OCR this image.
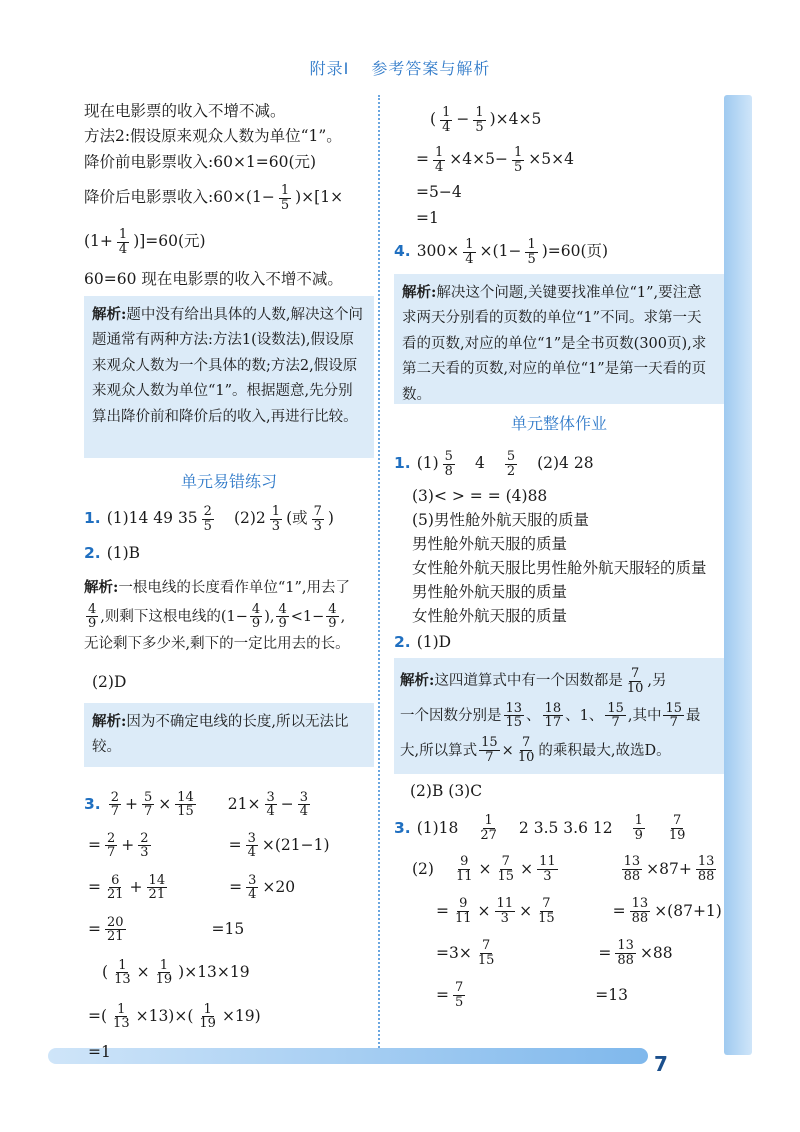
附录Ⅰ 参考答案与解析
7

现在电影票的收入不增不减。

方法2:假设原来观众人数为单位“1”。

降价前电影票收入:60×1=60(元)

降价后电影票收入:60×(1− $\frac{1}{5} )\times[1\times$

$(1+ \frac{1}{4} )]=60$(元)

60=60 现在电影票的收入不增不减。

解析:题中没有给出具体的人数,解决这个问题通常有两种方法:方法1(设数法),假设原来观众人数为一个具体的数;方法2,假设原来观众人数为单位“1”。根据题意,先分别算出降价前和降价后的收入,再进行比较。

单元易错练习

1. (1)14 49 $35 \frac{2}{5} (2)2 \frac{1}{3}$ (或 $\frac{7}{3}$ )

2. (1)B

解析:一根电线的长度看作单位“1”,用去了

$\frac{4}{9}$ ,则剩下这根电线的($1- \frac{4}{9}$ ), $\frac{4}{9} <1- \frac{4}{9}$ ,
无论剩下多少米,剩下的一定比用去的长。

(2)D

解析:因为不确定电线的长度,所以无法比较。
3. $\frac{2}{7} + \frac{5}{7} \times \frac{14}{15} 21\times \frac{3}{4} - \frac{3}{4}$
= $\frac{2}{7} + \frac{2}{3}$	= $\frac{3}{4} \times(21-1)$
= $\frac{6}{21} + \frac{14}{21}$	= $\frac{3}{4} \times 20$
= $\frac{20}{21}$	=15
( $\frac{1}{13} \times \frac{1}{19} )\times 13\times 19$
=( $\frac{1}{13} \times 13)\times( \frac{1}{19} \times 19)$
=1
( $\frac{1}{4} - \frac{1}{5} )\times 4\times 5$
= $\frac{1}{4} \times 4\times 5- \frac{1}{5} \times 5\times 4$
=5−4
=1
4. $300\times \frac{1}{4} \times(1- \frac{1}{5} )=60$(页)
解析:解决这个问题,关键要找准单位“1”,要注意求两天分别看的页数的单位“1”不同。求第一天看的页数,对应的单位“1”是全书页数(300页),求第二天看的页数,对应的单位“1”是第一天看的页数。

单元整体作业

1. $(1) \frac{5}{8} 4 \frac{5}{2} (2)4$ 28
(3)< > = = (4)88
(5)男性舱外航天服的质量
男性舱外航天服的质量
女性舱外航天服比男性舱外航天服轻的质量
男性舱外航天服的质量
女性舱外航天服的质量
2. (1)D
解析:这四道算式中有一个因数都是 $\frac{7}{10}$ ,另
一个因数分别是 $\frac{13}{15}$ 、 $\frac{18}{17}$ 、1、 $\frac{15}{7}$ ,其中 $\frac{15}{7}$ 最
大,所以算式 $\frac{15}{7} \times \frac{7}{10}$ 的乘积最大,故选D。
(2)B (3)C
3. $(1)18 \frac{1}{27} 2$ 3.5 3.6 $12 \frac{1}{9} \frac{7}{19}$
$(2) \frac{9}{11} \times \frac{7}{15} \times \frac{11}{3}$	$\frac{13}{88} \times 87+ \frac{13}{88}$
= $\frac{9}{11} \times \frac{11}{3} \times \frac{7}{15}$	= $\frac{13}{88} \times(87+1)$
$=3\times \frac{7}{15}$	= $\frac{13}{88} \times 88$
= $\frac{7}{5}$	=13
